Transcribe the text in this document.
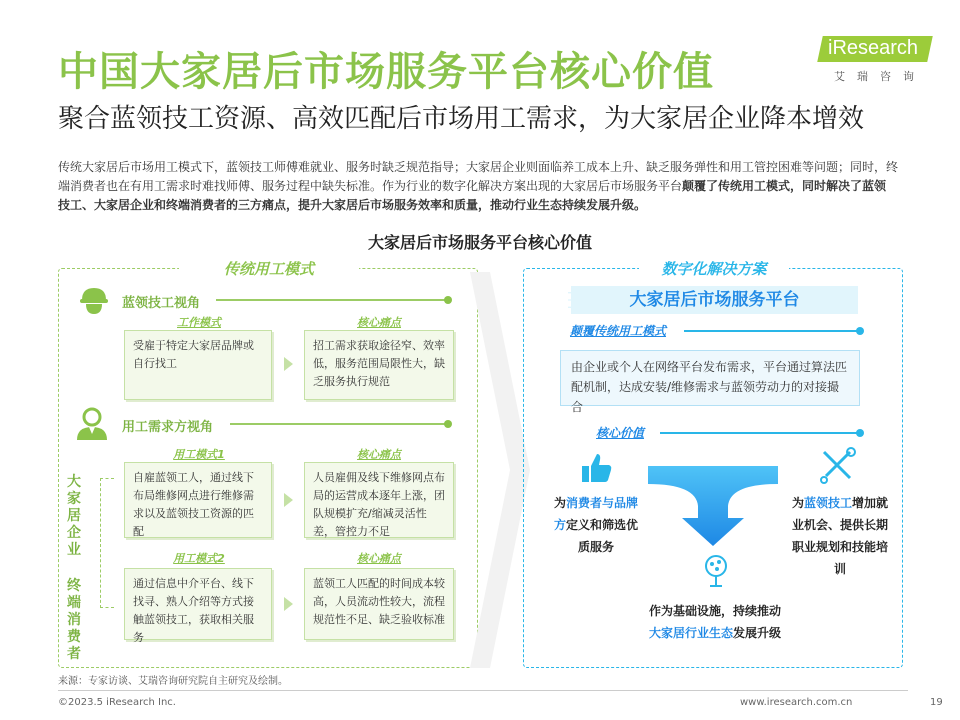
中国大家居后市场服务平台核心价值
聚合蓝领技工资源、高效匹配后市场用工需求，为大家居企业降本增效
iResearch
艾瑞咨询
传统大家居后市场用工模式下，蓝领技工师傅难就业、服务时缺乏规范指导；大家居企业则面临养工成本上升、缺乏服务弹性和用工管控困难等问题；同时，终端消费者也在有用工需求时难找师傅、服务过程中缺失标准。作为行业的数字化解决方案出现的大家居后市场服务平台颠覆了传统用工模式，同时解决了蓝领技工、大家居企业和终端消费者的三方痛点，提升大家居后市场服务效率和质量，推动行业生态持续发展升级。
大家居后市场服务平台核心价值
传统用工模式
蓝领技工视角
工作模式	核心痛点
受雇于特定大家居品牌或自行找工
招工需求获取途径窄、效率低，服务范围局限性大，缺乏服务执行规范
用工需求方视角
大家居企业
终端消费者
用工模式1	核心痛点
自雇蓝领工人，通过线下布局维修网点进行维修需求以及蓝领技工资源的匹配
人员雇佣及线下维修网点布局的运营成本逐年上涨，团队规模扩充/缩减灵活性差，管控力不足
用工模式2	核心痛点
通过信息中介平台、线下找寻、熟人介绍等方式接触蓝领技工，获取相关服务
蓝领工人匹配的时间成本较高，人员流动性较大，流程规范性不足、缺乏验收标准
数字化解决方案
大家居后市场服务平台
颠覆传统用工模式
由企业或个人在网络平台发布需求，平台通过算法匹配机制，达成安装/维修需求与蓝领劳动力的对接撮合
核心价值
为消费者与品牌方定义和筛选优质服务
为蓝领技工增加就业机会、提供长期职业规划和技能培训
作为基础设施，持续推动
大家居行业生态发展升级
来源：专家访谈、艾瑞咨询研究院自主研究及绘制。
©2023.5 iResearch Inc.	www.iresearch.com.cn	19
